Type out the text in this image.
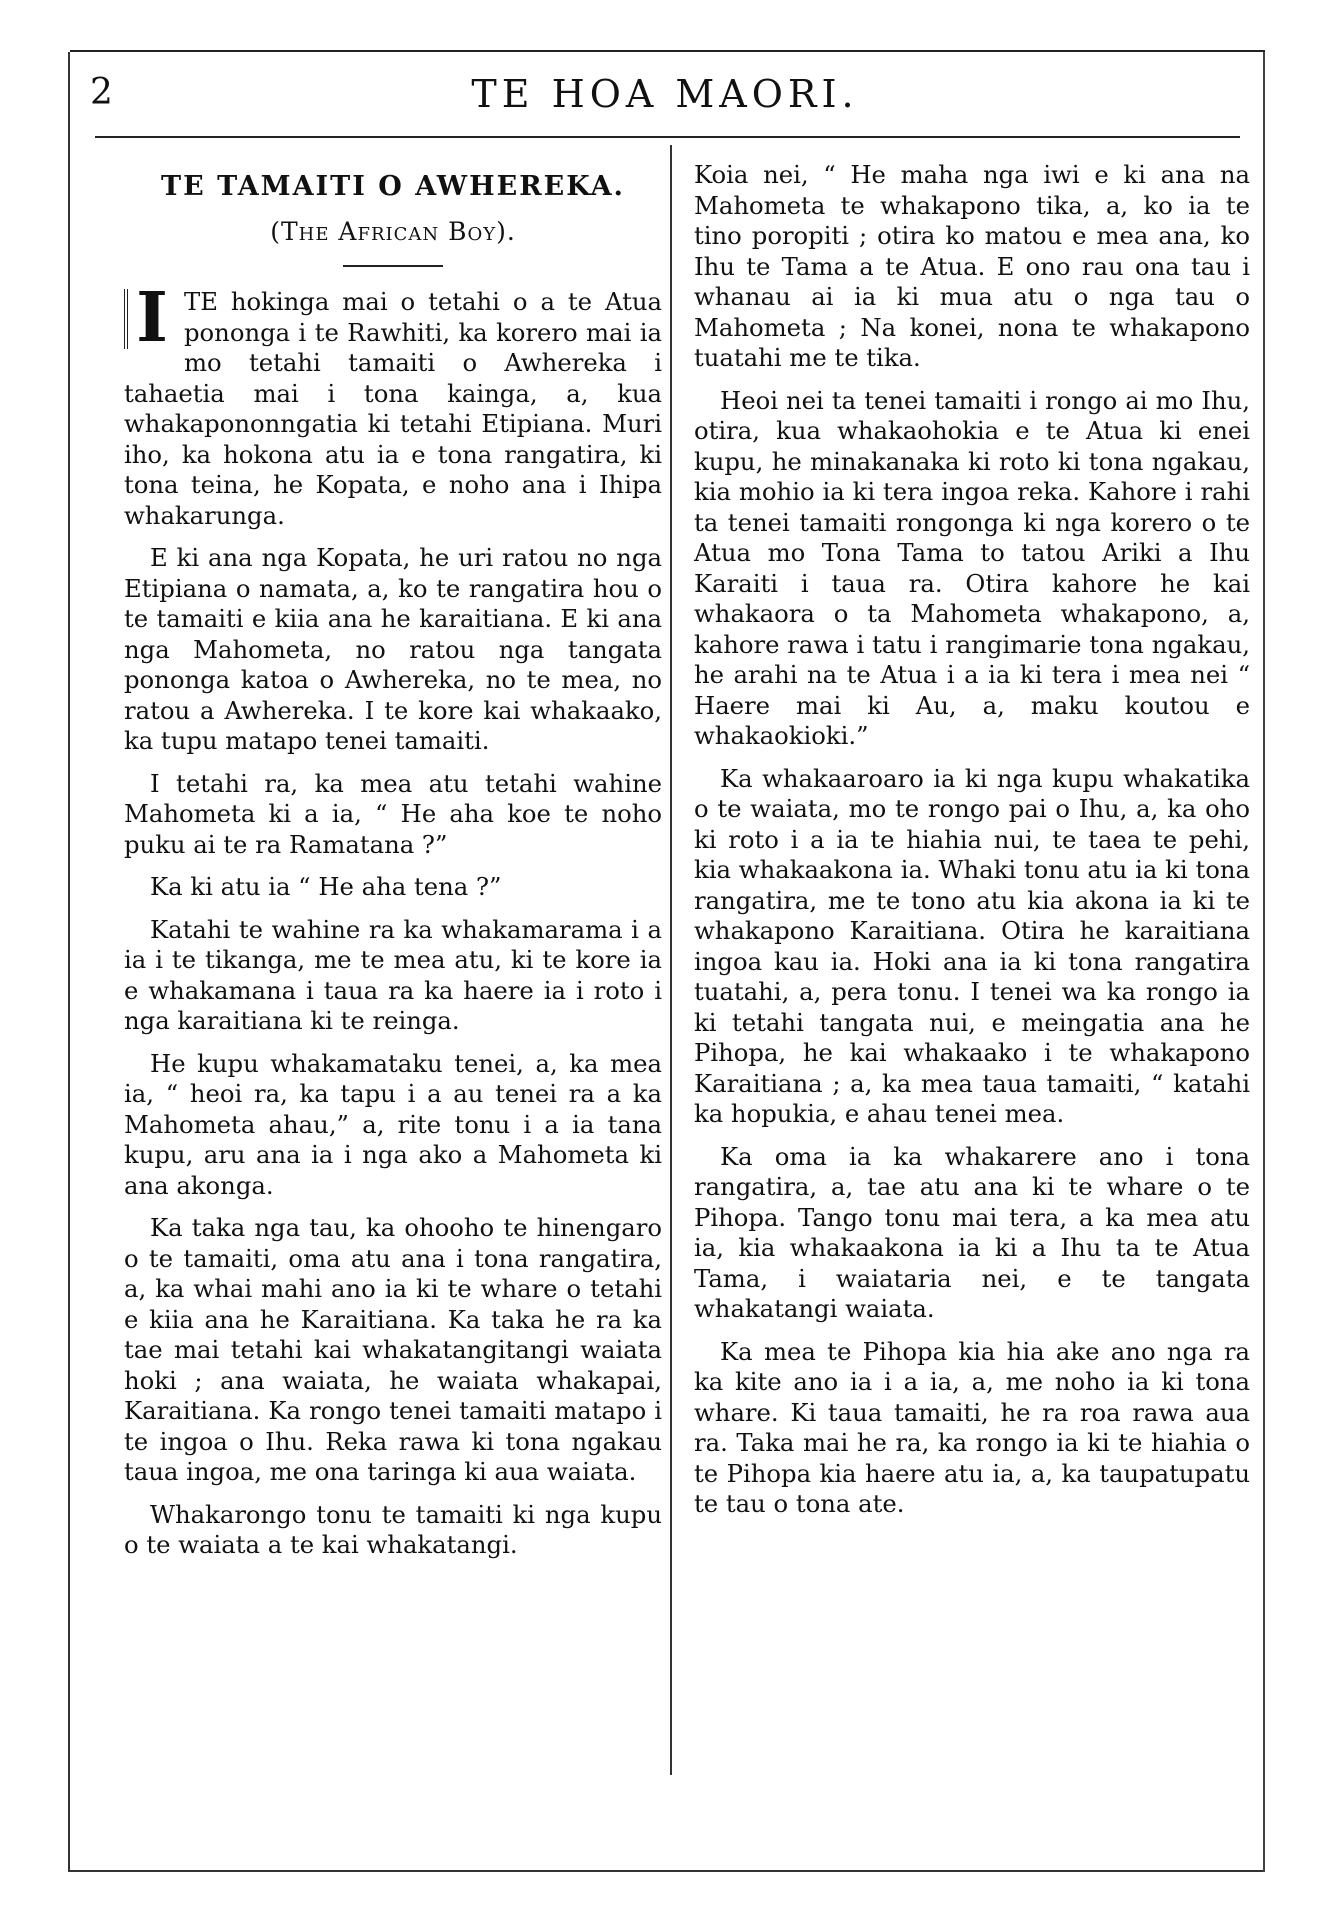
2	TE HOA MAORI.
TE TAMAITI O AWHEREKA.
(The African Boy).

I TE hokinga mai o tetahi o a te Atua pononga i te Rawhiti, ka korero mai ia mo tetahi tamaiti o Awhereka i tahaetia mai i tona kainga, a, kua whakapononngatia ki tetahi Etipiana. Muri iho, ka hokona atu ia e tona rangatira, ki tona teina, he Kopata, e noho ana i Ihipa whakarunga.

E ki ana nga Kopata, he uri ratou no nga Etipiana o namata, a, ko te rangatira hou o te tamaiti e kiia ana he karaitiana. E ki ana nga Mahometa, no ratou nga tangata pononga katoa o Awhereka, no te mea, no ratou a Awhereka. I te kore kai whakaako, ka tupu matapo tenei tamaiti.

I tetahi ra, ka mea atu tetahi wahine Mahometa ki a ia, “ He aha koe te noho puku ai te ra Ramatana ?”

Ka ki atu ia “ He aha tena ?”

Katahi te wahine ra ka whakamarama i a ia i te tikanga, me te mea atu, ki te kore ia e whakamana i taua ra ka haere ia i roto i nga karaitiana ki te reinga.

He kupu whakamataku tenei, a, ka mea ia, “ heoi ra, ka tapu i a au tenei ra a ka Mahometa ahau,” a, rite tonu i a ia tana kupu, aru ana ia i nga ako a Mahometa ki ana akonga.

Ka taka nga tau, ka ohooho te hinengaro o te tamaiti, oma atu ana i tona rangatira, a, ka whai mahi ano ia ki te whare o tetahi e kiia ana he Karaitiana. Ka taka he ra ka tae mai tetahi kai whakatangitangi waiata hoki ; ana waiata, he waiata whakapai, Karaitiana. Ka rongo tenei tamaiti matapo i te ingoa o Ihu. Reka rawa ki tona ngakau taua ingoa, me ona taringa ki aua waiata.

Whakarongo tonu te tamaiti ki nga kupu o te waiata a te kai whakatangi.

Koia nei, “ He maha nga iwi e ki ana na Mahometa te whakapono tika, a, ko ia te tino poropiti ; otira ko matou e mea ana, ko Ihu te Tama a te Atua. E ono rau ona tau i whanau ai ia ki mua atu o nga tau o Mahometa ; Na konei, nona te whakapono tuatahi me te tika.

Heoi nei ta tenei tamaiti i rongo ai mo Ihu, otira, kua whakaohokia e te Atua ki enei kupu, he minakanaka ki roto ki tona ngakau, kia mohio ia ki tera ingoa reka. Kahore i rahi ta tenei tamaiti rongonga ki nga korero o te Atua mo Tona Tama to tatou Ariki a Ihu Karaiti i taua ra. Otira kahore he kai whakaora o ta Mahometa whakapono, a, kahore rawa i tatu i rangimarie tona ngakau, he arahi na te Atua i a ia ki tera i mea nei “ Haere mai ki Au, a, maku koutou e whakaokioki.”

Ka whakaaroaro ia ki nga kupu whakatika o te waiata, mo te rongo pai o Ihu, a, ka oho ki roto i a ia te hiahia nui, te taea te pehi, kia whakaakona ia. Whaki tonu atu ia ki tona rangatira, me te tono atu kia akona ia ki te whakapono Karaitiana. Otira he karaitiana ingoa kau ia. Hoki ana ia ki tona rangatira tuatahi, a, pera tonu. I tenei wa ka rongo ia ki tetahi tangata nui, e meingatia ana he Pihopa, he kai whakaako i te whakapono Karaitiana ; a, ka mea taua tamaiti, “ katahi ka hopukia, e ahau tenei mea.

Ka oma ia ka whakarere ano i tona rangatira, a, tae atu ana ki te whare o te Pihopa. Tango tonu mai tera, a ka mea atu ia, kia whakaakona ia ki a Ihu ta te Atua Tama, i waiataria nei, e te tangata whakatangi waiata.

Ka mea te Pihopa kia hia ake ano nga ra ka kite ano ia i a ia, a, me noho ia ki tona whare. Ki taua tamaiti, he ra roa rawa aua ra. Taka mai he ra, ka rongo ia ki te hiahia o te Pihopa kia haere atu ia, a, ka taupatupatu te tau o tona ate.
